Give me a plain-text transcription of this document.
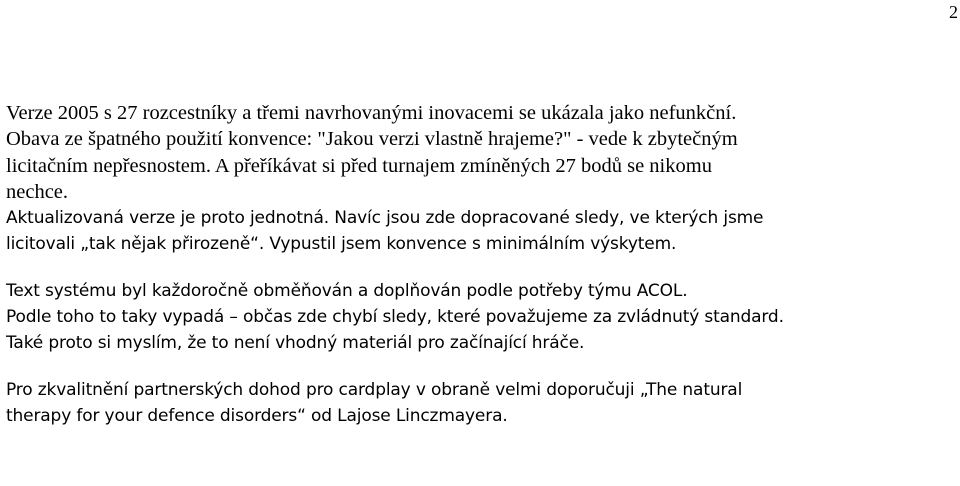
2
Verze 2005 s 27 rozcestníky a třemi navrhovanými inovacemi se ukázala jako nefunkční.
Obava ze špatného použití konvence: "Jakou verzi vlastně hrajeme?" - vede k zbytečným
licitačním nepřesnostem. A přeříkávat si před turnajem zmíněných 27 bodů se nikomu
nechce.
Aktualizovaná verze je proto jednotná. Navíc jsou zde dopracované sledy, ve kterých jsme
licitovali „tak nějak přirozeně“. Vypustil jsem konvence s minimálním výskytem.
Text systému byl každoročně obměňován a doplňován podle potřeby týmu ACOL.
Podle toho to taky vypadá – občas zde chybí sledy, které považujeme za zvládnutý standard.
Také proto si myslím, že to není vhodný materiál pro začínající hráče.
Pro zkvalitnění partnerských dohod pro cardplay v obraně velmi doporučuji „The natural
therapy for your defence disorders“ od Lajose Linczmayera.
